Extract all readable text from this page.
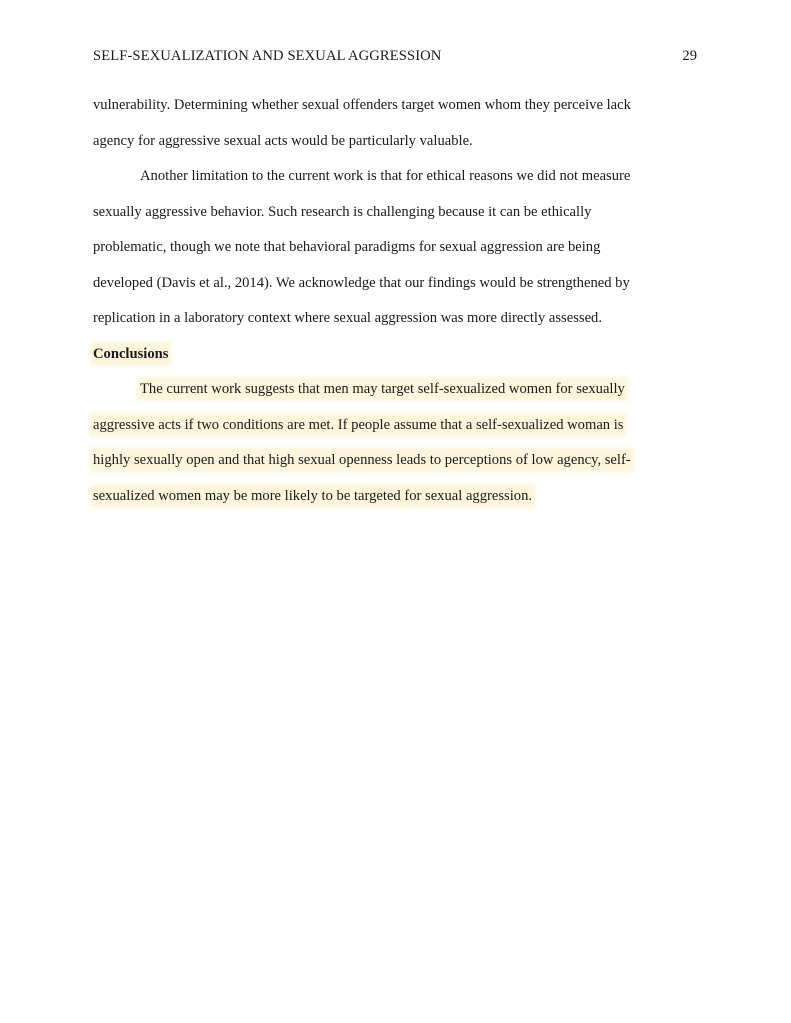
SELF-SEXUALIZATION AND SEXUAL AGGRESSION	29
vulnerability. Determining whether sexual offenders target women whom they perceive lack
agency for aggressive sexual acts would be particularly valuable.
Another limitation to the current work is that for ethical reasons we did not measure
sexually aggressive behavior. Such research is challenging because it can be ethically
problematic, though we note that behavioral paradigms for sexual aggression are being
developed (Davis et al., 2014). We acknowledge that our findings would be strengthened by
replication in a laboratory context where sexual aggression was more directly assessed.
Conclusions
The current work suggests that men may target self-sexualized women for sexually
aggressive acts if two conditions are met. If people assume that a self-sexualized woman is
highly sexually open and that high sexual openness leads to perceptions of low agency, self-
sexualized women may be more likely to be targeted for sexual aggression.
